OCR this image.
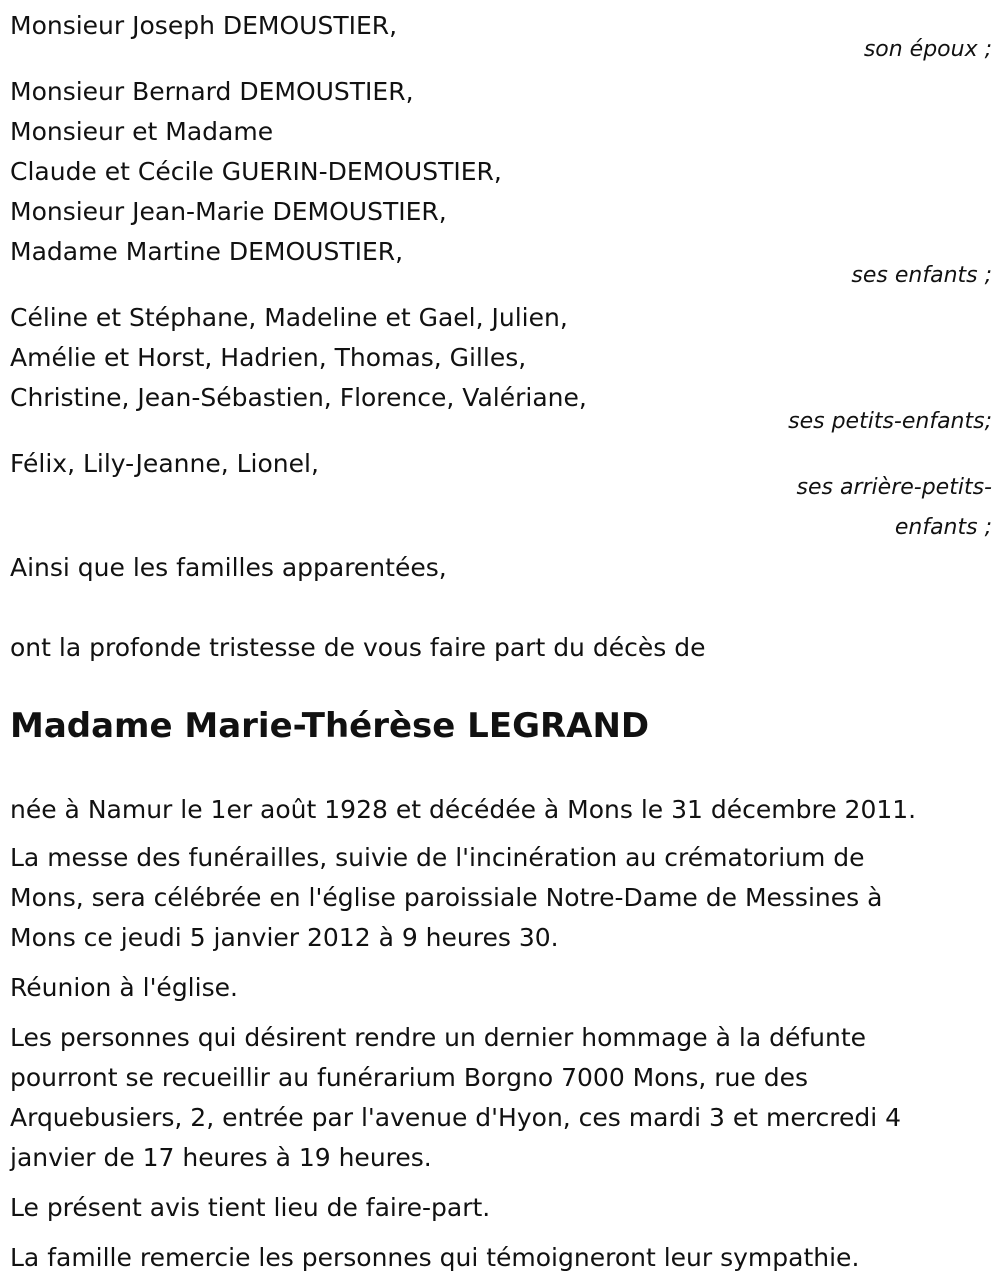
Monsieur Joseph DEMOUSTIER,
son époux ;
Monsieur Bernard DEMOUSTIER,
Monsieur et Madame
Claude et Cécile GUERIN-DEMOUSTIER,
Monsieur Jean-Marie DEMOUSTIER,
Madame Martine DEMOUSTIER,
ses enfants ;
Céline et Stéphane, Madeline et Gael, Julien,
Amélie et Horst, Hadrien, Thomas, Gilles,
Christine, Jean-Sébastien, Florence, Valériane,
ses petits-enfants;
Félix, Lily-Jeanne, Lionel,
ses arrière-petits-
enfants ;
Ainsi que les familles apparentées,
ont la profonde tristesse de vous faire part du décès de
Madame Marie-Thérèse LEGRAND
née à Namur le 1er août 1928 et décédée à Mons le 31 décembre 2011.
La messe des funérailles, suivie de l'incinération au crématorium de
Mons, sera célébrée en l'église paroissiale Notre-Dame de Messines à
Mons ce jeudi 5 janvier 2012 à 9 heures 30.
Réunion à l'église.
Les personnes qui désirent rendre un dernier hommage à la défunte
pourront se recueillir au funérarium Borgno 7000 Mons, rue des
Arquebusiers, 2, entrée par l'avenue d'Hyon, ces mardi 3 et mercredi 4
janvier de 17 heures à 19 heures.
Le présent avis tient lieu de faire-part.
La famille remercie les personnes qui témoigneront leur sympathie.
